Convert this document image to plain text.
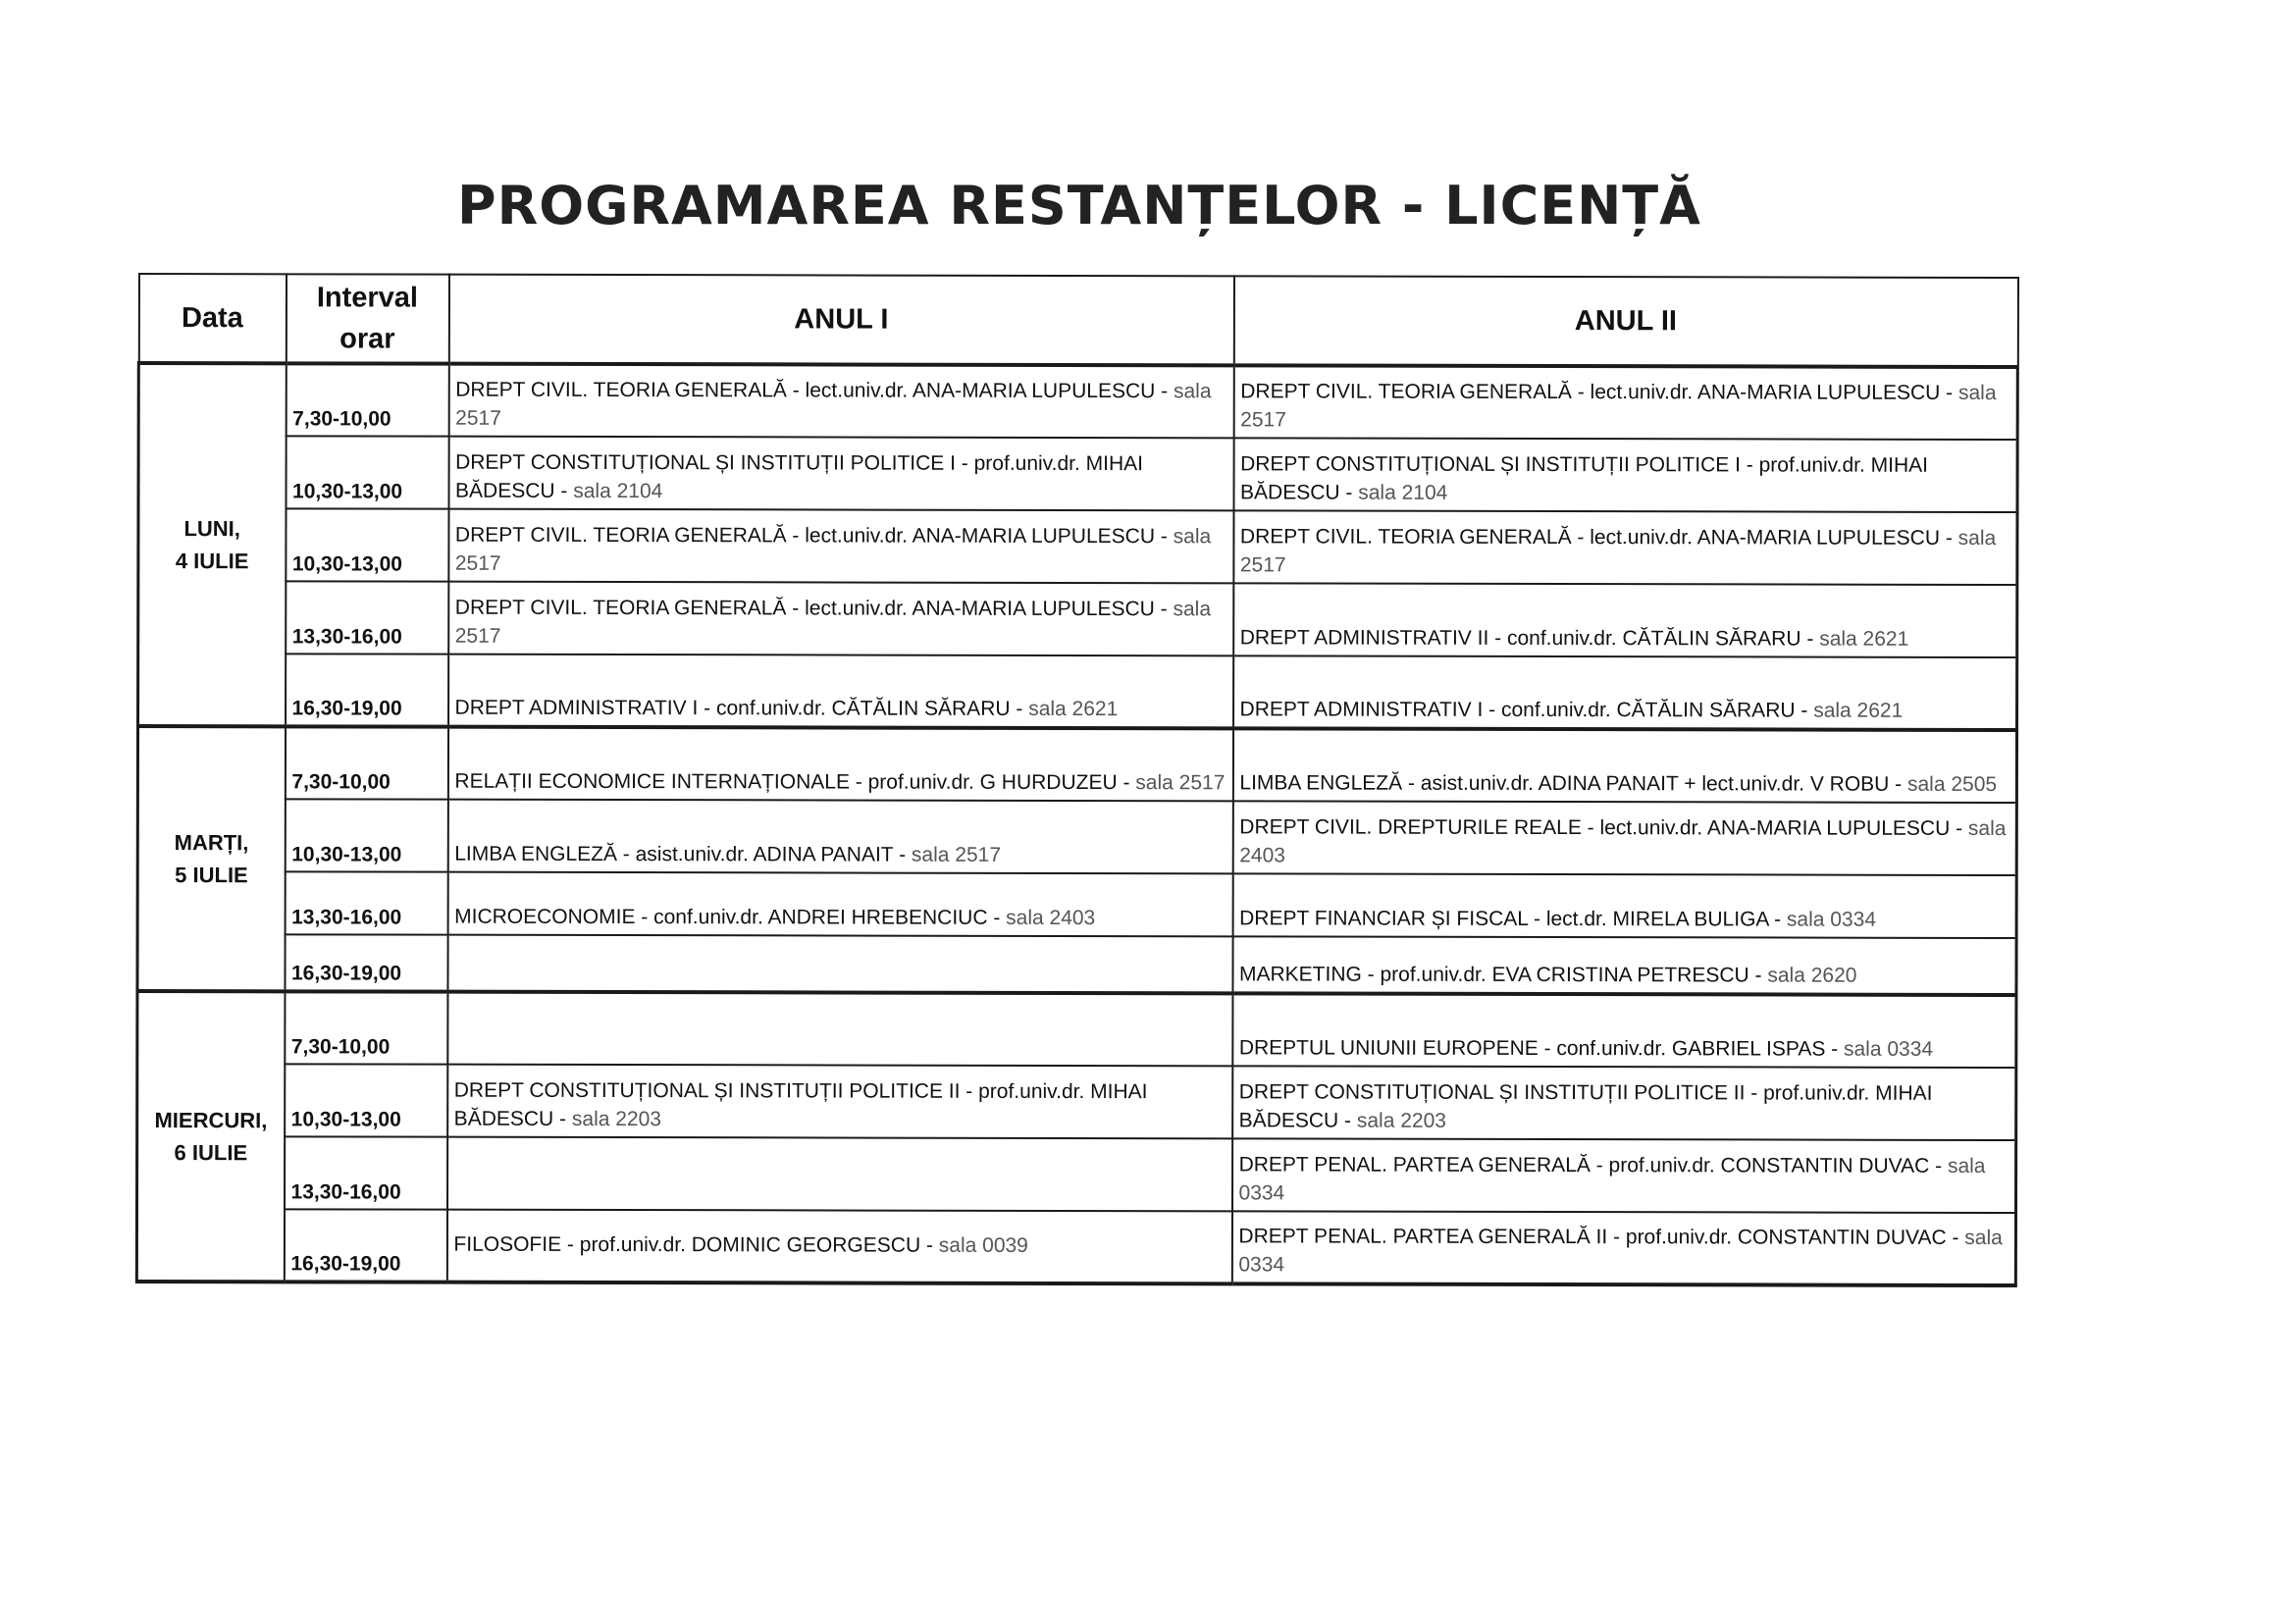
PROGRAMAREA RESTANȚELOR - LICENȚĂ
Data	Interval orar	ANUL I	ANUL II
LUNI,
4 IULIE	7,30-10,00	DREPT CIVIL. TEORIA GENERALĂ - lect.univ.dr. ANA-MARIA LUPULESCU - sala 2517	DREPT CIVIL. TEORIA GENERALĂ - lect.univ.dr. ANA-MARIA LUPULESCU - sala 2517
	10,30-13,00	DREPT CONSTITUȚIONAL ȘI INSTITUȚII POLITICE I - prof.univ.dr. MIHAI BĂDESCU - sala 2104	DREPT CONSTITUȚIONAL ȘI INSTITUȚII POLITICE I - prof.univ.dr. MIHAI BĂDESCU - sala 2104
	10,30-13,00	DREPT CIVIL. TEORIA GENERALĂ - lect.univ.dr. ANA-MARIA LUPULESCU - sala 2517	DREPT CIVIL. TEORIA GENERALĂ - lect.univ.dr. ANA-MARIA LUPULESCU - sala 2517
	13,30-16,00	DREPT CIVIL. TEORIA GENERALĂ - lect.univ.dr. ANA-MARIA LUPULESCU - sala 2517	DREPT ADMINISTRATIV II - conf.univ.dr. CĂTĂLIN SĂRARU - sala 2621
	16,30-19,00	DREPT ADMINISTRATIV I - conf.univ.dr. CĂTĂLIN SĂRARU - sala 2621	DREPT ADMINISTRATIV I - conf.univ.dr. CĂTĂLIN SĂRARU - sala 2621
MARȚI,
5 IULIE	7,30-10,00	RELAȚII ECONOMICE INTERNAȚIONALE - prof.univ.dr. G HURDUZEU - sala 2517	LIMBA ENGLEZĂ - asist.univ.dr. ADINA PANAIT + lect.univ.dr. V ROBU - sala 2505
	10,30-13,00	LIMBA ENGLEZĂ - asist.univ.dr. ADINA PANAIT - sala 2517	DREPT CIVIL. DREPTURILE REALE - lect.univ.dr. ANA-MARIA LUPULESCU - sala 2403
	13,30-16,00	MICROECONOMIE - conf.univ.dr. ANDREI HREBENCIUC - sala 2403	DREPT FINANCIAR ȘI FISCAL - lect.dr. MIRELA BULIGA - sala 0334
	16,30-19,00		MARKETING - prof.univ.dr. EVA CRISTINA PETRESCU - sala 2620
MIERCURI,
6 IULIE	7,30-10,00		DREPTUL UNIUNII EUROPENE - conf.univ.dr. GABRIEL ISPAS - sala 0334
	10,30-13,00	DREPT CONSTITUȚIONAL ȘI INSTITUȚII POLITICE II - prof.univ.dr. MIHAI BĂDESCU - sala 2203	DREPT CONSTITUȚIONAL ȘI INSTITUȚII POLITICE II - prof.univ.dr. MIHAI BĂDESCU - sala 2203
	13,30-16,00		DREPT PENAL. PARTEA GENERALĂ - prof.univ.dr. CONSTANTIN DUVAC - sala 0334
	16,30-19,00	FILOSOFIE - prof.univ.dr. DOMINIC GEORGESCU - sala 0039	DREPT PENAL. PARTEA GENERALĂ II - prof.univ.dr. CONSTANTIN DUVAC - sala 0334
